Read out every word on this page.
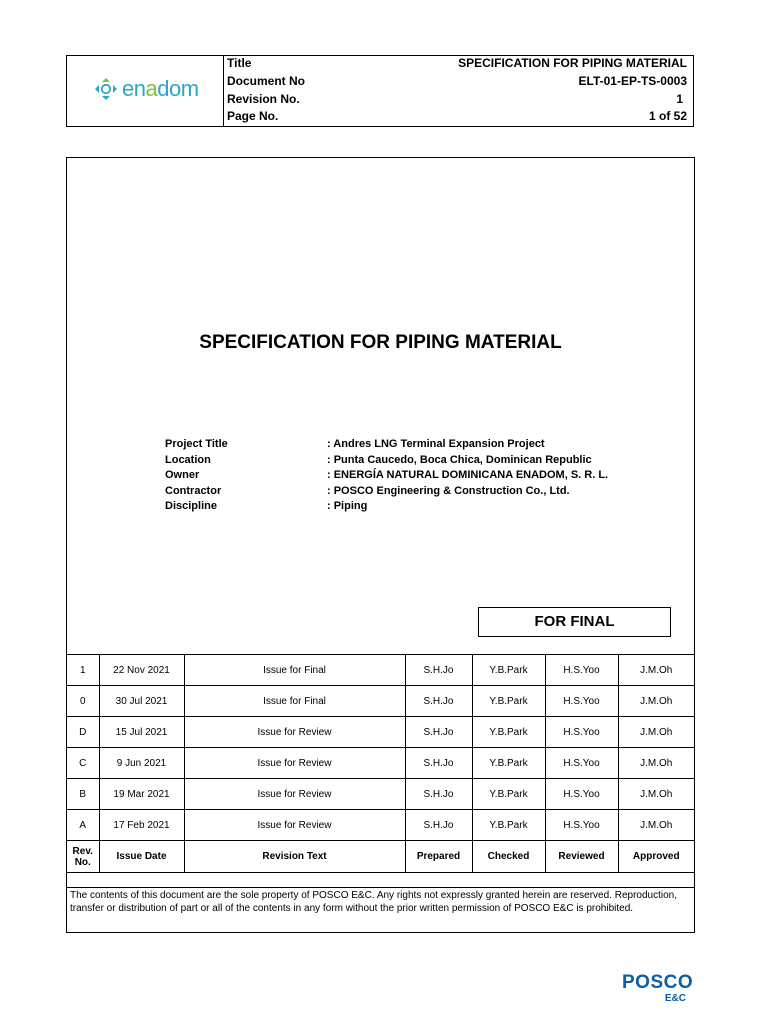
enadom
Title	SPECIFICATION FOR PIPING MATERIAL
Document No	ELT-01-EP-TS-0003
Revision No.	1
Page No.	1 of 52
SPECIFICATION FOR PIPING MATERIAL
Project Title	: Andres LNG Terminal Expansion Project
Location	: Punta Caucedo, Boca Chica, Dominican Republic
Owner	: ENERGÍA NATURAL DOMINICANA ENADOM, S. R. L.
Contractor	: POSCO Engineering & Construction Co., Ltd.
Discipline	: Piping
FOR FINAL
1	22 Nov 2021	Issue for Final	S.H.Jo	Y.B.Park	H.S.Yoo	J.M.Oh
0	30 Jul 2021	Issue for Final	S.H.Jo	Y.B.Park	H.S.Yoo	J.M.Oh
D	15 Jul 2021	Issue for Review	S.H.Jo	Y.B.Park	H.S.Yoo	J.M.Oh
C	9 Jun 2021	Issue for Review	S.H.Jo	Y.B.Park	H.S.Yoo	J.M.Oh
B	19 Mar 2021	Issue for Review	S.H.Jo	Y.B.Park	H.S.Yoo	J.M.Oh
A	17 Feb 2021	Issue for Review	S.H.Jo	Y.B.Park	H.S.Yoo	J.M.Oh
Rev. No.	Issue Date	Revision Text	Prepared	Checked	Reviewed	Approved
The contents of this document are the sole property of POSCO E&C. Any rights not expressly granted herein are reserved. Reproduction, transfer or distribution of part or all of the contents in any form without the prior written permission of POSCO E&C is prohibited.
POSCO
E&C
